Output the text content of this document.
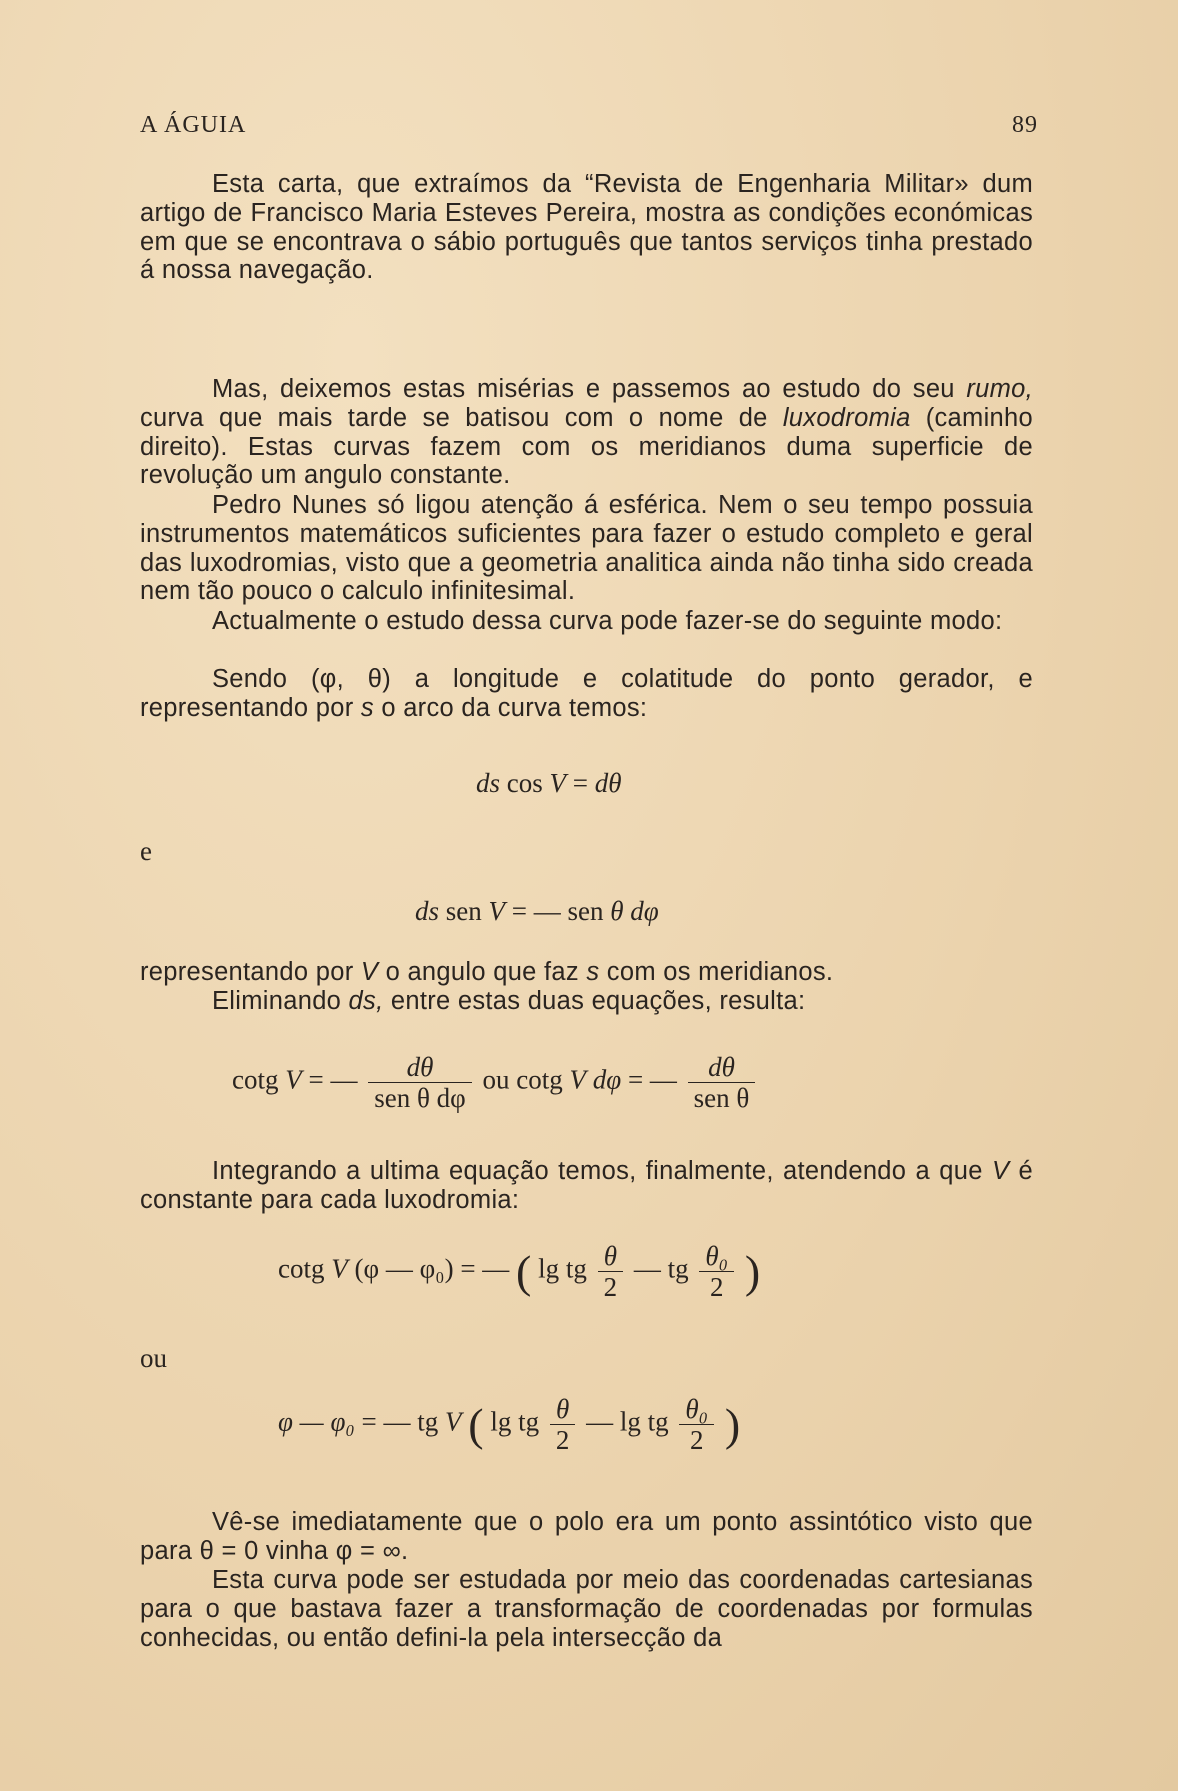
A ÁGUIA	89

Esta carta, que extraímos da “Revista de Engenharia Militar» dum artigo de Francisco Maria Esteves Pereira, mostra as condições económicas em que se encontrava o sábio português que tantos serviços tinha prestado á nossa navegação.

Mas, deixemos estas misérias e passemos ao estudo do seu rumo, curva que mais tarde se batisou com o nome de luxodromia (caminho direito). Estas curvas fazem com os meridianos duma superficie de revolução um angulo constante.

Pedro Nunes só ligou atenção á esférica. Nem o seu tempo possuia instrumentos matemáticos suficientes para fazer o estudo completo e geral das luxodromias, visto que a geometria analitica ainda não tinha sido creada nem tão pouco o calculo infinitesimal.

Actualmente o estudo dessa curva pode fazer-se do seguinte modo:

Sendo (φ, θ) a longitude e colatitude do ponto gerador, e representando por s o arco da curva temos:

ds cos V = dθ
e
ds sen V = — sen θ dφ

representando por V o angulo que faz s com os meridianos.

Eliminando ds, entre estas duas equações, resulta:

cotg V = — $\frac{d\theta}{\text{sen θ dφ}}$ ou cotg V dφ = — $\frac{d\theta}{\text{sen θ}}$

Integrando a ultima equação temos, finalmente, atendendo a que V é constante para cada luxodromia:

cotg V (φ — φ₀) = — ( lg tg $\frac{\theta}{2}$ — tg $\frac{\text{θ₀}}{2}$ )
ou
φ — φ₀ = — tg V ( lg tg $\frac{\theta}{2}$ — lg tg $\frac{\text{θ₀}}{2}$ )

Vê-se imediatamente que o polo era um ponto assintótico visto que para θ = 0 vinha φ = ∞.

Esta curva pode ser estudada por meio das coordenadas cartesianas para o que bastava fazer a transformação de coordenadas por formulas conhecidas, ou então defini-la pela intersecção da
